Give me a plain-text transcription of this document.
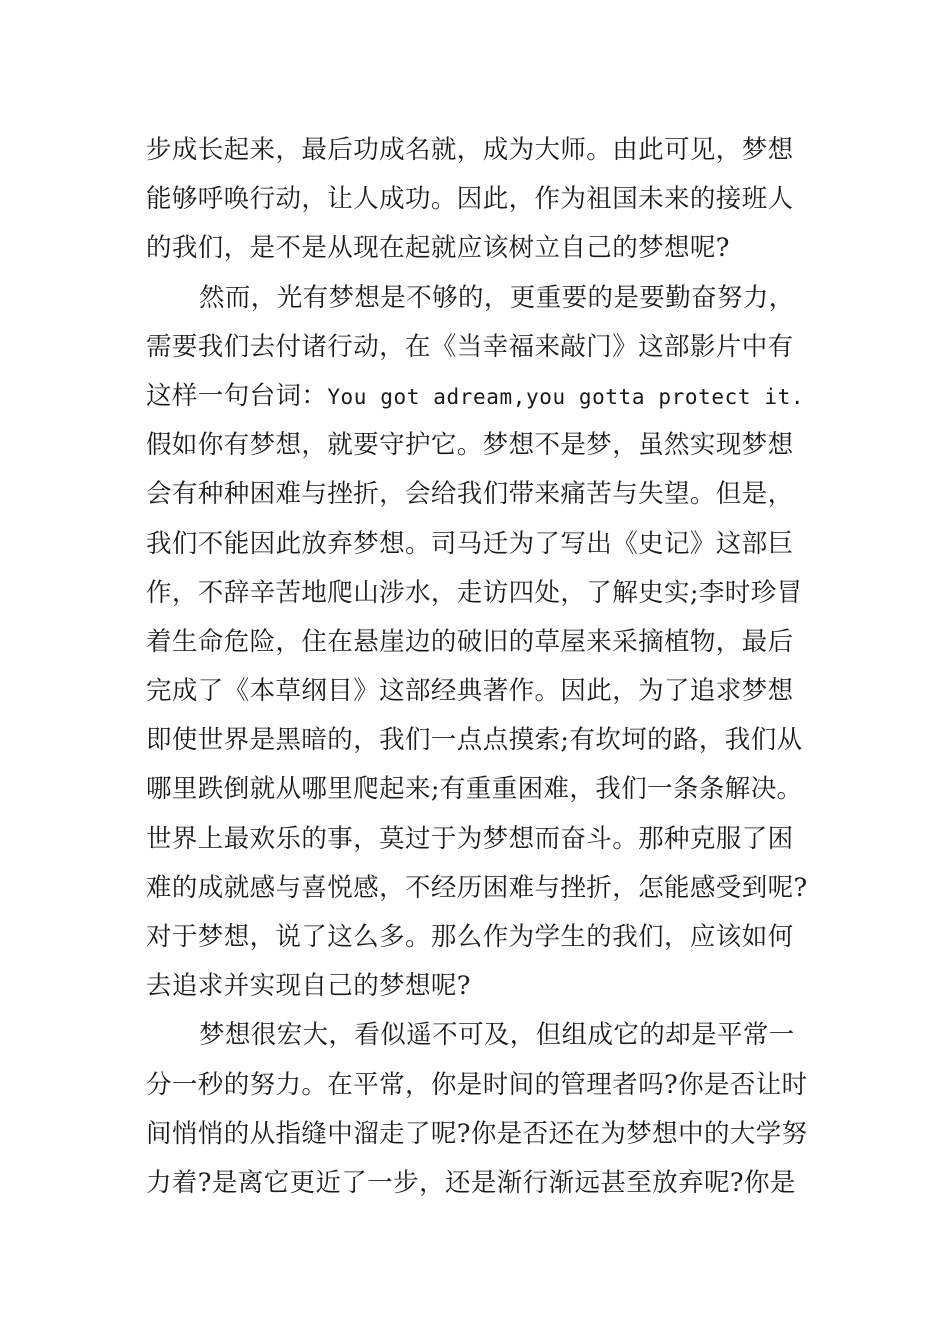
步成长起来，最后功成名就，成为大师。由此可见，梦想
能够呼唤行动，让人成功。因此，作为祖国未来的接班人
的我们，是不是从现在起就应该树立自己的梦想呢?
然而，光有梦想是不够的，更重要的是要勤奋努力，
需要我们去付诸行动，在《当幸福来敲门》这部影片中有
这样一句台词：You got adream,you gotta protect it.
假如你有梦想，就要守护它。梦想不是梦，虽然实现梦想
会有种种困难与挫折，会给我们带来痛苦与失望。但是，
我们不能因此放弃梦想。司马迁为了写出《史记》这部巨
作，不辞辛苦地爬山涉水，走访四处，了解史实;李时珍冒
着生命危险，住在悬崖边的破旧的草屋来采摘植物，最后
完成了《本草纲目》这部经典著作。因此，为了追求梦想
即使世界是黑暗的，我们一点点摸索;有坎坷的路，我们从
哪里跌倒就从哪里爬起来;有重重困难，我们一条条解决。
世界上最欢乐的事，莫过于为梦想而奋斗。那种克服了困
难的成就感与喜悦感，不经历困难与挫折，怎能感受到呢?
对于梦想，说了这么多。那么作为学生的我们，应该如何
去追求并实现自己的梦想呢?
梦想很宏大，看似遥不可及，但组成它的却是平常一
分一秒的努力。在平常，你是时间的管理者吗?你是否让时
间悄悄的从指缝中溜走了呢?你是否还在为梦想中的大学努
力着?是离它更近了一步，还是渐行渐远甚至放弃呢?你是
